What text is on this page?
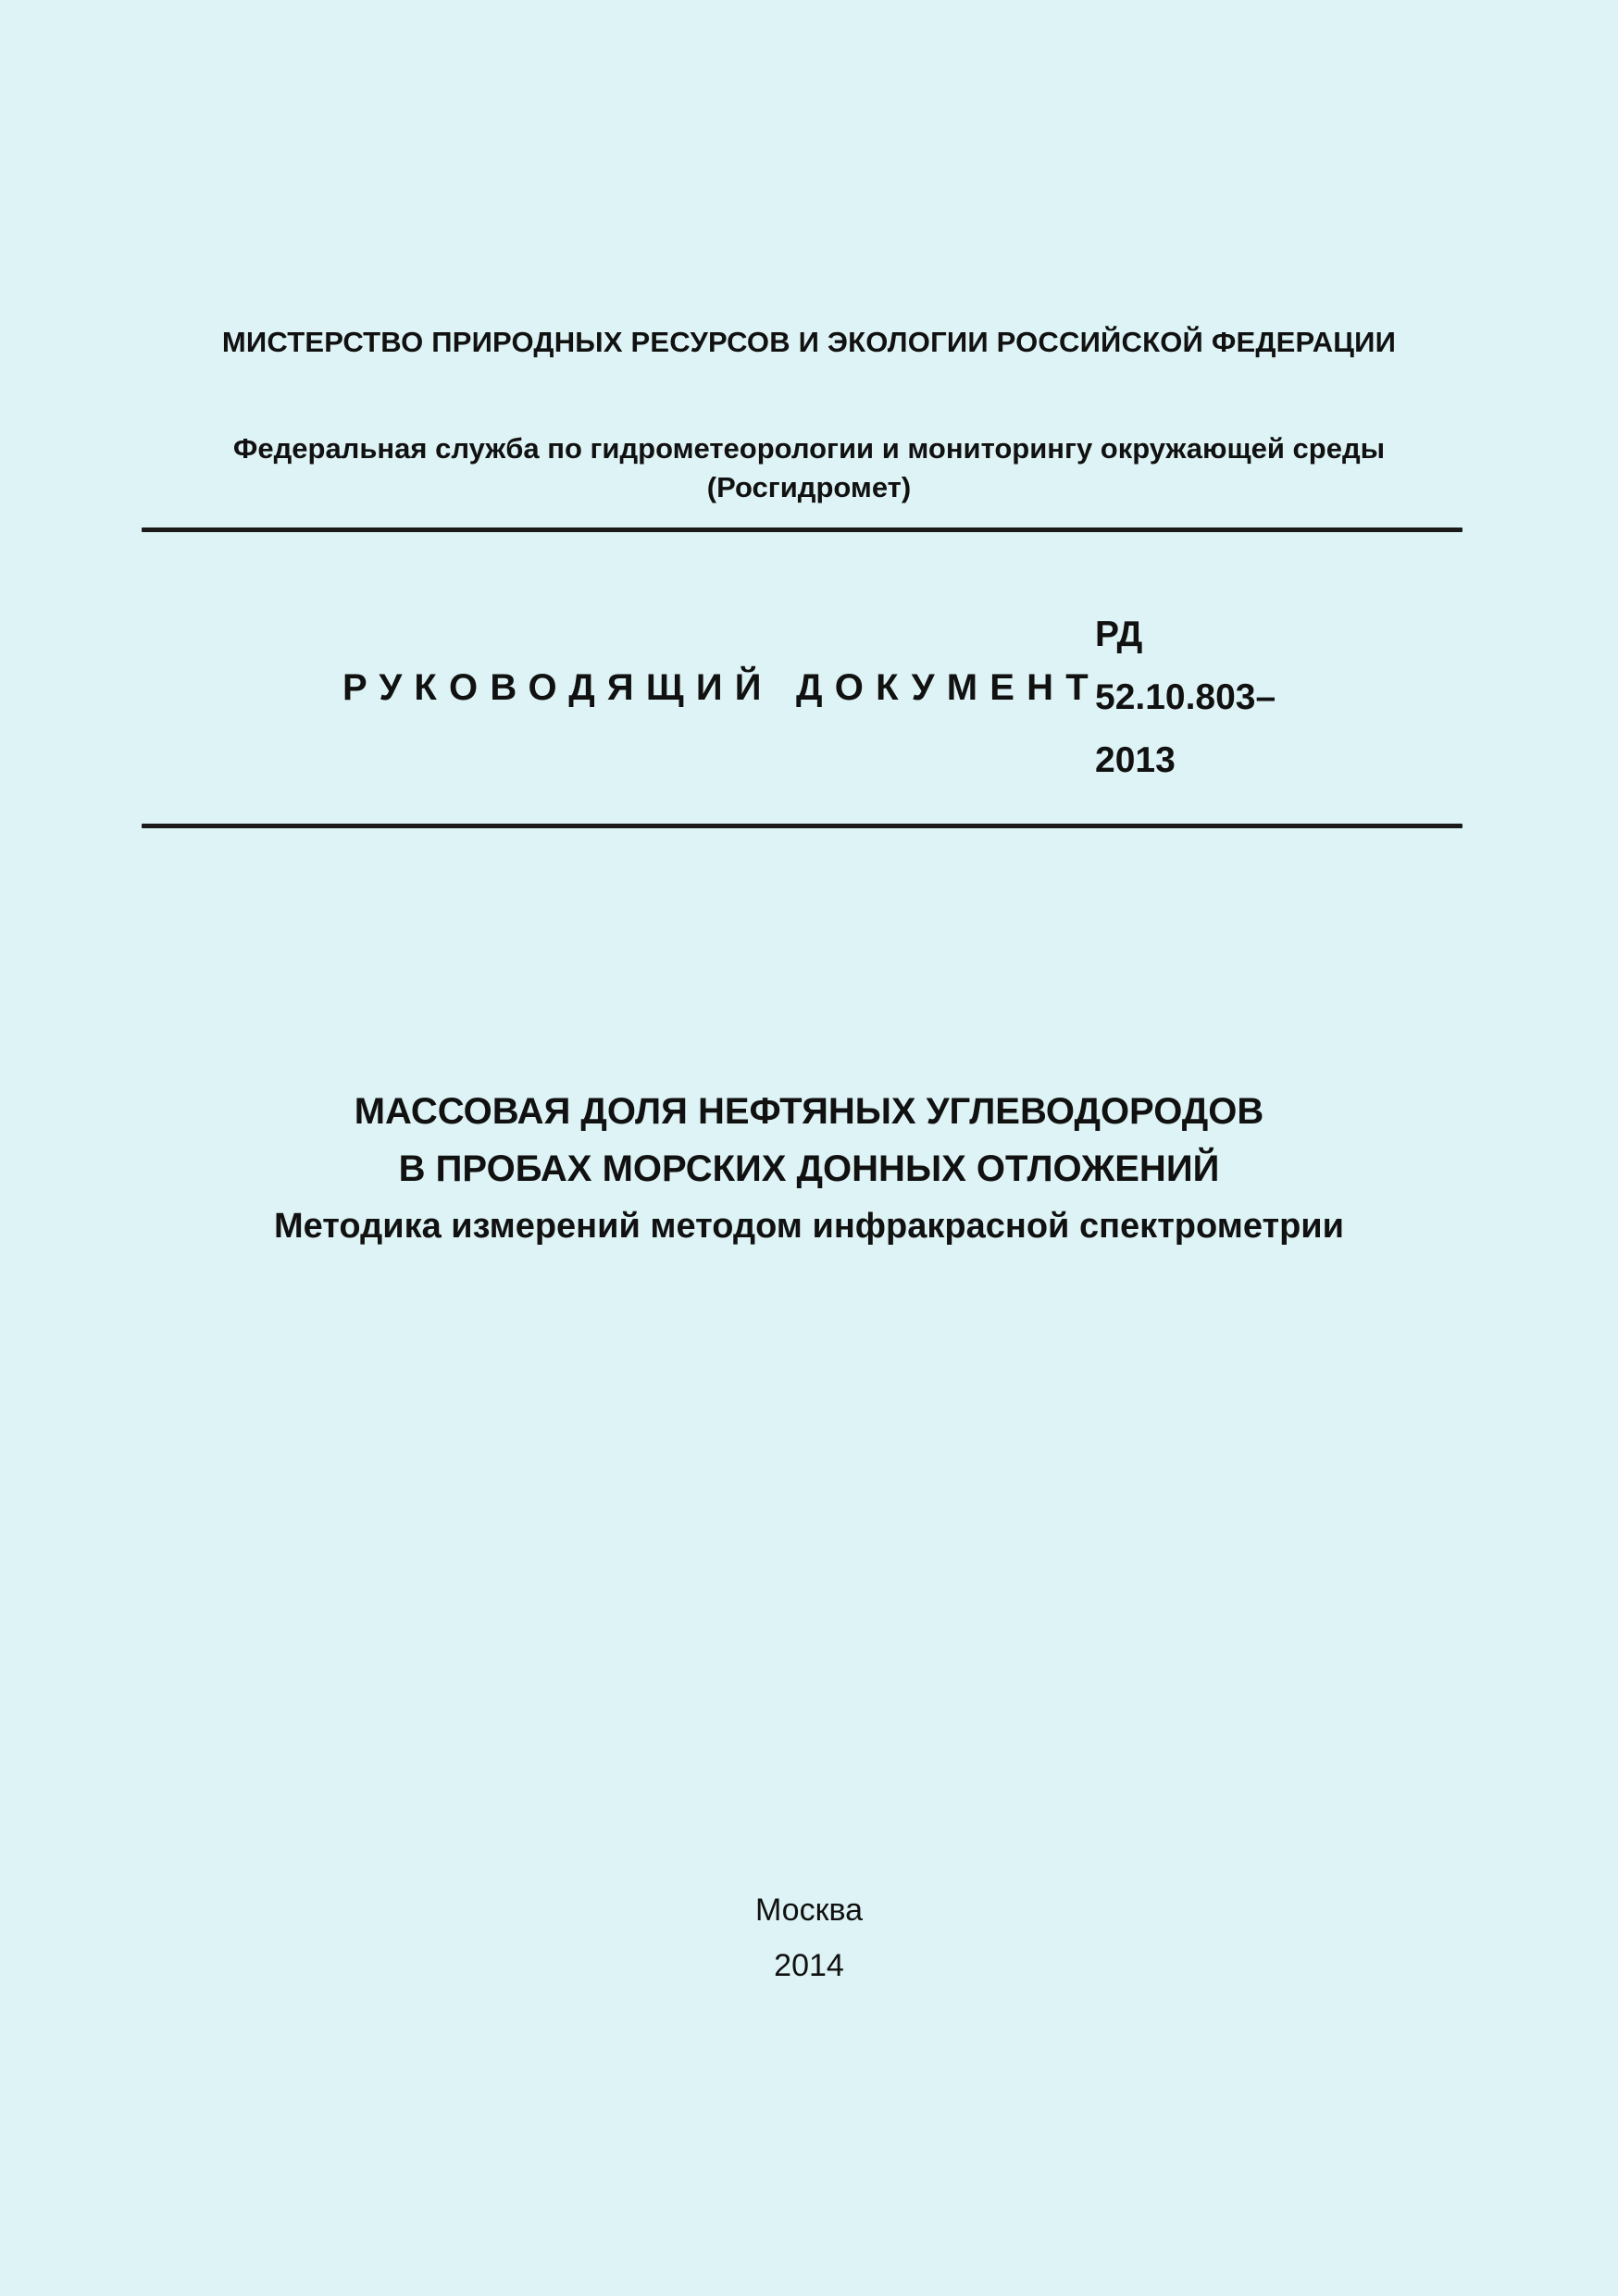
МИСТЕРСТВО ПРИРОДНЫХ РЕСУРСОВ И ЭКОЛОГИИ РОССИЙСКОЙ ФЕДЕРАЦИИ
Федеральная служба по гидрометеорологии и мониторингу окружающей среды
(Росгидромет)
РУКОВОДЯЩИЙ ДОКУМЕНТ
РД
52.10.803–
2013
МАССОВАЯ ДОЛЯ НЕФТЯНЫХ УГЛЕВОДОРОДОВ
В ПРОБАХ МОРСКИХ ДОННЫХ ОТЛОЖЕНИЙ
Методика измерений методом инфракрасной спектрометрии
Москва
2014
